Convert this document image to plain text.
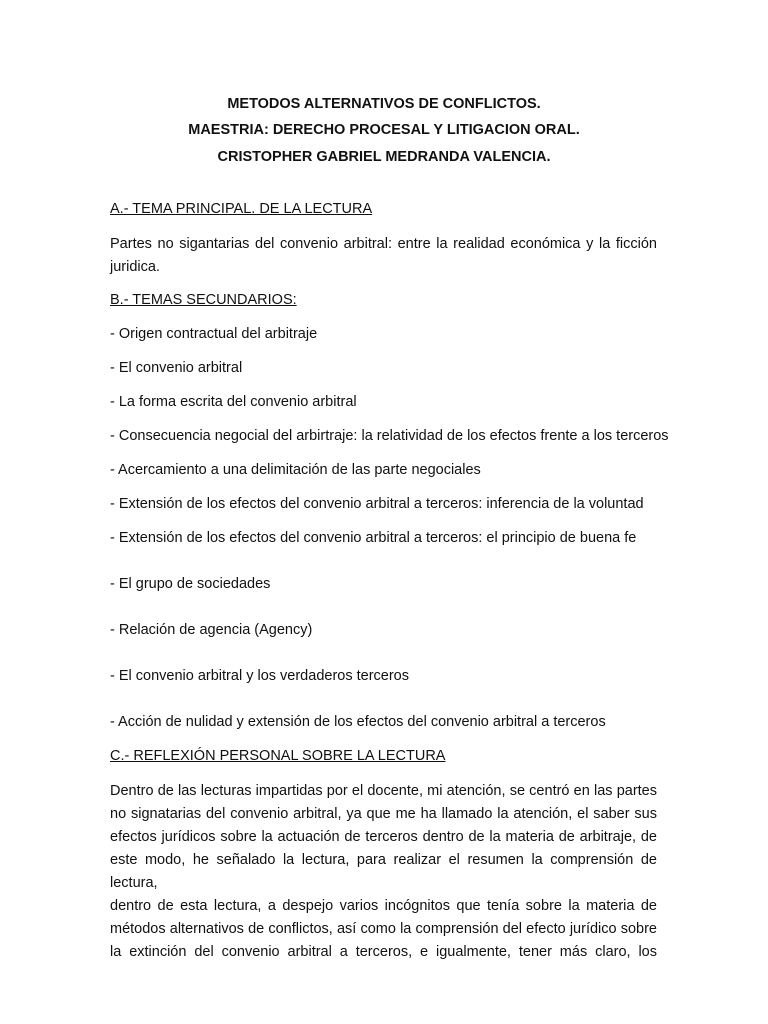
METODOS ALTERNATIVOS DE CONFLICTOS.
MAESTRIA: DERECHO PROCESAL Y LITIGACION ORAL.
CRISTOPHER GABRIEL MEDRANDA VALENCIA.
A.- TEMA PRINCIPAL. DE LA LECTURA
Partes no sigantarias del convenio arbitral: entre la realidad económica y la ficción
juridica.
B.- TEMAS SECUNDARIOS:
- Origen contractual del arbitraje
- El convenio arbitral
- La forma escrita del convenio arbitral
- Consecuencia negocial del arbirtraje: la relatividad de los efectos frente a los terceros
- Acercamiento a una delimitación de las parte negociales
- Extensión de los efectos del convenio arbitral a terceros: inferencia de la voluntad
- Extensión de los efectos del convenio arbitral a terceros: el principio de buena fe
- El grupo de sociedades
- Relación de agencia (Agency)
- El convenio arbitral y los verdaderos terceros
- Acción de nulidad y extensión de los efectos del convenio arbitral a terceros
C.- REFLEXIÓN PERSONAL SOBRE LA LECTURA
Dentro de las lecturas impartidas por el docente, mi atención, se centró en las partes
no signatarias del convenio arbitral, ya que me ha llamado la atención, el saber sus
efectos jurídicos sobre la actuación de terceros dentro de la materia de arbitraje, de
este modo, he señalado la lectura, para realizar el resumen la comprensión de lectura,
dentro de esta lectura, a despejo varios incógnitos que tenía sobre la materia de
métodos alternativos de conflictos, así como la comprensión del efecto jurídico sobre
la extinción del convenio arbitral a terceros, e igualmente, tener más claro, los
